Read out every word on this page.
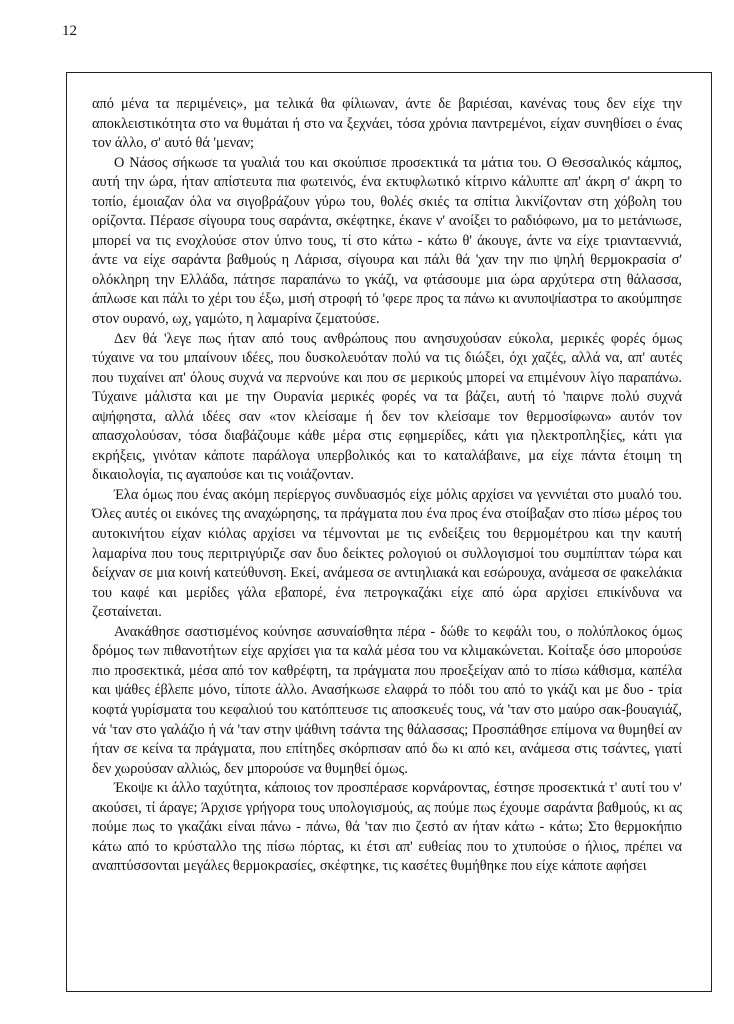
12

από μένα τα περιμένεις», μα τελικά θα φίλιωναν, άντε δε βαριέσαι, κανένας τους δεν είχε την αποκλειστικότητα στο να θυμάται ή στο να ξεχνάει, τόσα χρόνια παντρεμένοι, είχαν συνηθίσει ο ένας τον άλλο, σ' αυτό θά 'μεναν;

Ο Νάσος σήκωσε τα γυαλιά του και σκούπισε προσεκτικά τα μάτια του. Ο Θεσσαλικός κάμπος, αυτή την ώρα, ήταν απίστευτα πια φωτεινός, ένα εκτυφλωτικό κίτρινο κάλυπτε απ' άκρη σ' άκρη το τοπίο, έμοιαζαν όλα να σιγοβράζουν γύρω του, θολές σκιές τα σπίτια λικνίζονταν στη χόβολη του ορίζοντα. Πέρασε σίγουρα τους σαράντα, σκέφτηκε, έκανε ν' ανοίξει το ραδιόφωνο, μα το μετάνιωσε, μπορεί να τις ενοχλούσε στον ύπνο τους, τί στο κάτω - κάτω θ' άκουγε, άντε να είχε τριανταεννιά, άντε να είχε σαράντα βαθμούς η Λάρισα, σίγουρα και πάλι θά 'χαν την πιο ψηλή θερμοκρασία σ' ολόκληρη την Ελλάδα, πάτησε παραπάνω το γκάζι, να φτάσουμε μια ώρα αρχύτερα στη θάλασσα, άπλωσε και πάλι το χέρι του έξω, μισή στροφή τό 'φερε προς τα πάνω κι ανυποψίαστρα το ακούμπησε στον ουρανό, ωχ, γαμώτο, η λαμαρίνα ζεματούσε.

Δεν θά 'λεγε πως ήταν από τους ανθρώπους που ανησυχούσαν εύκολα, μερικές φορές όμως τύχαινε να του μπαίνουν ιδέες, που δυσκολευόταν πολύ να τις διώξει, όχι χαζές, αλλά να, απ' αυτές που τυχαίνει απ' όλους συχνά να περνούνε και που σε μερικούς μπορεί να επιμένουν λίγο παραπάνω. Τύχαινε μάλιστα και με την Ουρανία μερικές φορές να τα βάζει, αυτή τό 'παιρνε πολύ συχνά αψήφηστα, αλλά ιδέες σαν «τον κλείσαμε ή δεν τον κλείσαμε τον θερμοσίφωνα» αυτόν τον απασχολούσαν, τόσα διαβάζουμε κάθε μέρα στις εφημερίδες, κάτι για ηλεκτροπληξίες, κάτι για εκρήξεις, γινόταν κάποτε παράλογα υπερβολικός και το καταλάβαινε, μα είχε πάντα έτοιμη τη δικαιολογία, τις αγαπούσε και τις νοιάζονταν.

Έλα όμως που ένας ακόμη περίεργος συνδυασμός είχε μόλις αρχίσει να γεννιέται στο μυαλό του. Όλες αυτές οι εικόνες της αναχώρησης, τα πράγματα που ένα προς ένα στοίβαξαν στο πίσω μέρος του αυτοκινήτου είχαν κιόλας αρχίσει να τέμνονται με τις ενδείξεις του θερμομέτρου και την καυτή λαμαρίνα που τους περιτριγύριζε σαν δυο δείκτες ρολογιού οι συλλογισμοί του συμπίπταν τώρα και δείχναν σε μια κοινή κατεύθυνση. Εκεί, ανάμεσα σε αντιηλιακά και εσώρουχα, ανάμεσα σε φακελάκια του καφέ και μερίδες γάλα εβαπορέ, ένα πετρογκαζάκι είχε από ώρα αρχίσει επικίνδυνα να ζεσταίνεται.

Ανακάθησε σαστισμένος κούνησε ασυναίσθητα πέρα - δώθε το κεφάλι του, ο πολύπλοκος όμως δρόμος των πιθανοτήτων είχε αρχίσει για τα καλά μέσα του να κλιμακώνεται. Κοίταξε όσο μπορούσε πιο προσεκτικά, μέσα από τον καθρέφτη, τα πράγματα που προεξείχαν από το πίσω κάθισμα, καπέλα και ψάθες έβλεπε μόνο, τίποτε άλλο. Ανασήκωσε ελαφρά το πόδι του από το γκάζι και με δυο - τρία κοφτά γυρίσματα του κεφαλιού του κατόπτευσε τις αποσκευές τους, νά 'ταν στο μαύρο σακ-βουαγιάζ, νά 'ταν στο γαλάζιο ή νά 'ταν στην ψάθινη τσάντα της θάλασσας; Προσπάθησε επίμονα να θυμηθεί αν ήταν σε κείνα τα πράγματα, που επίτηδες σκόρπισαν από δω κι από κει, ανάμεσα στις τσάντες, γιατί δεν χωρούσαν αλλιώς, δεν μπορούσε να θυμηθεί όμως.

Έκοψε κι άλλο ταχύτητα, κάποιος τον προσπέρασε κορνάροντας, έστησε προσεκτικά τ' αυτί του ν' ακούσει, τί άραγε; Άρχισε γρήγορα τους υπολογισμούς, ας πούμε πως έχουμε σαράντα βαθμούς, κι ας πούμε πως το γκαζάκι είναι πάνω - πάνω, θά 'ταν πιο ζεστό αν ήταν κάτω - κάτω; Στο θερμοκήπιο κάτω από το κρύσταλλο της πίσω πόρτας, κι έτσι απ' ευθείας που το χτυπούσε ο ήλιος, πρέπει να αναπτύσσονται μεγάλες θερμοκρασίες, σκέφτηκε, τις κασέτες θυμήθηκε που είχε κάποτε αφήσει
